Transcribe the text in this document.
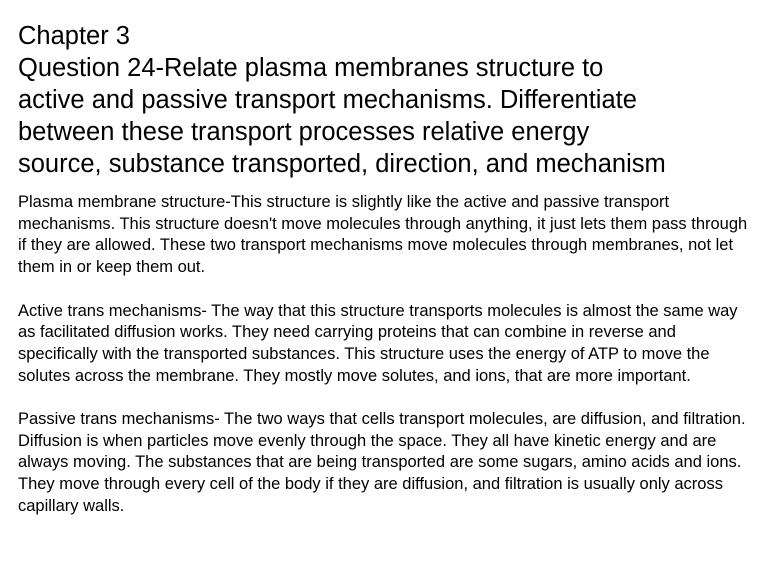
Chapter 3
Question 24-Relate plasma membranes structure to
active and passive transport mechanisms. Differentiate
between these transport processes relative energy
source, substance transported, direction, and mechanism

Plasma membrane structure-This structure is slightly like the active and passive transport mechanisms. This structure doesn't move molecules through anything, it just lets them pass through if they are allowed. These two transport mechanisms move molecules through membranes, not let them in or keep them out.

Active trans mechanisms- The way that this structure transports molecules is almost the same way as facilitated diffusion works. They need carrying proteins that can combine in reverse and specifically with the transported substances. This structure uses the energy of ATP to move the solutes across the membrane. They mostly move solutes, and ions, that are more important.

Passive trans mechanisms- The two ways that cells transport molecules, are diffusion, and filtration. Diffusion is when particles move evenly through the space. They all have kinetic energy and are always moving. The substances that are being transported are some sugars, amino acids and ions. They move through every cell of the body if they are diffusion, and filtration is usually only across capillary walls.
